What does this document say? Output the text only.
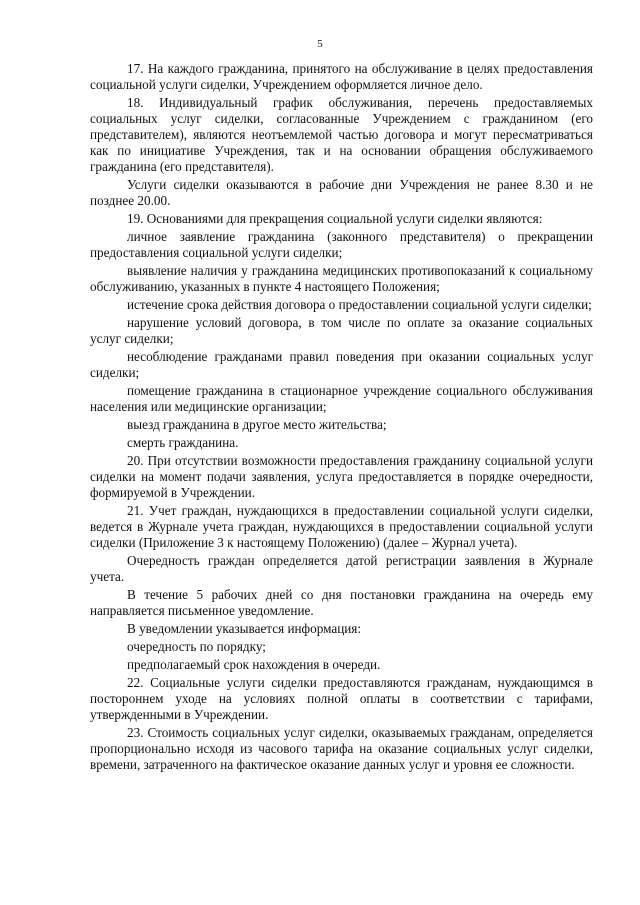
5

17. На каждого гражданина, принятого на обслуживание в целях предоставления социальной услуги сиделки, Учреждением оформляется личное дело.

18. Индивидуальный график обслуживания, перечень предоставляемых социальных услуг сиделки, согласованные Учреждением с гражданином (его представителем), являются неотъемлемой частью договора и могут пересматриваться как по инициативе Учреждения, так и на основании обращения обслуживаемого гражданина (его представителя).

Услуги сиделки оказываются в рабочие дни Учреждения не ранее 8.30 и не позднее 20.00.

19. Основаниями для прекращения социальной услуги сиделки являются:

личное заявление гражданина (законного представителя) о прекращении предоставления социальной услуги сиделки;

выявление наличия у гражданина медицинских противопоказаний к социальному обслуживанию, указанных в пункте 4 настоящего Положения;

истечение срока действия договора о предоставлении социальной услуги сиделки;

нарушение условий договора, в том числе по оплате за оказание социальных услуг сиделки;

несоблюдение гражданами правил поведения при оказании социальных услуг сиделки;

помещение гражданина в стационарное учреждение социального обслуживания населения или медицинские организации;

выезд гражданина в другое место жительства;

смерть гражданина.

20. При отсутствии возможности предоставления гражданину социальной услуги сиделки на момент подачи заявления, услуга предоставляется в порядке очередности, формируемой в Учреждении.

21. Учет граждан, нуждающихся в предоставлении социальной услуги сиделки, ведется в Журнале учета граждан, нуждающихся в предоставлении социальной услуги сиделки (Приложение 3 к настоящему Положению) (далее – Журнал учета).

Очередность граждан определяется датой регистрации заявления в Журнале учета.

В течение 5 рабочих дней со дня постановки гражданина на очередь ему направляется письменное уведомление.

В уведомлении указывается информация:

очередность по порядку;

предполагаемый срок нахождения в очереди.

22. Социальные услуги сиделки предоставляются гражданам, нуждающимся в постороннем уходе на условиях полной оплаты в соответствии с тарифами, утвержденными в Учреждении.

23. Стоимость социальных услуг сиделки, оказываемых гражданам, определяется пропорционально исходя из часового тарифа на оказание социальных услуг сиделки, времени, затраченного на фактическое оказание данных услуг и уровня ее сложности.
